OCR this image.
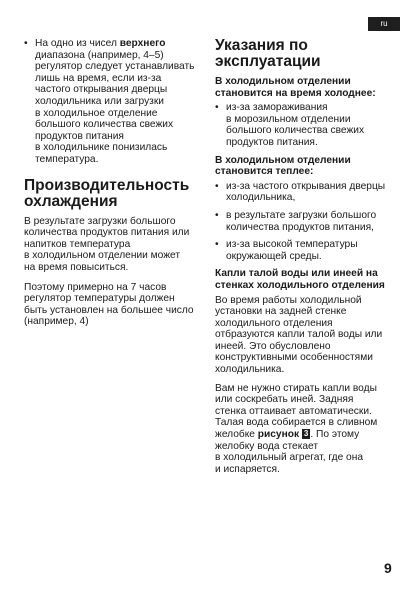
ru
• На одно из чисел верхнего
диапазона (например, 4–5)
регулятор следует устанавливать
лишь на время, если из-за
частого открывания дверцы
холодильника или загрузки
в холодильное отделение
большого количества свежих
продуктов питания
в холодильнике понизилась
температура.
Производительность
охлаждения
В результате загрузки большого
количества продуктов питания или
напитков температура
в холодильном отделении может
на время повыситься.
Поэтому примерно на 7 часов
регулятор температуры должен
быть установлен на большее число
(например, 4)
Указания по
эксплуатации
В холодильном отделении
становится на время холоднее:
• из-за замораживания
в морозильном отделении
большого количества свежих
продуктов питания.
В холодильном отделении
становится теплее:
• из-за частого открывания дверцы
холодильника,
• в результате загрузки большого
количества продуктов питания,
• из-за высокой температуры
окружающей среды.
Капли талой воды или инеей на
стенках холодильного отделения
Во время работы холодильной
установки на задней стенке
холодильного отделения
отбразуются капли талой воды или
инеей. Это обусловлено
конструктивными особенностями
холодильника.
Вам не нужно стирать капли воды
или соскребать иней. Задняя
стенка оттаивает автоматически.
Талая вода собирается в сливном
желобке рисунок 3 . По этому
желобку вода стекает
в холодильный агрегат, где она
и испаряется.
9
